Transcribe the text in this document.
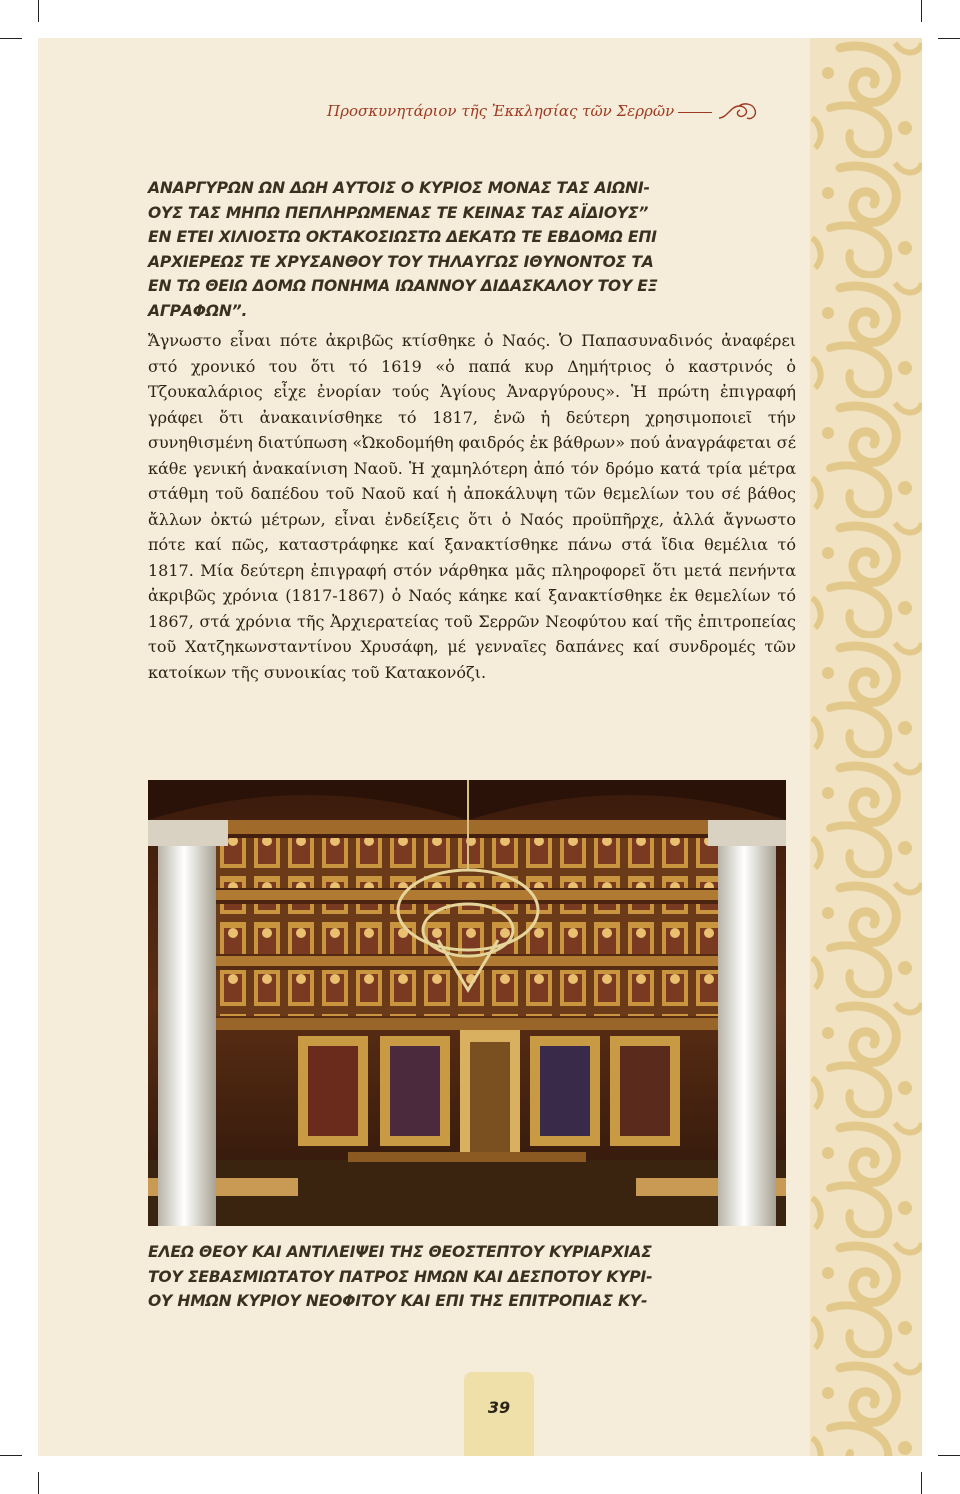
Προσκυνητάριον τῆς Ἐκκλησίας τῶν Σερρῶν
ΑΝΑΡΓΥΡΩΝ ΩΝ ΔΩΗ ΑΥΤΟΙΣ Ο ΚΥΡΙΟΣ ΜΟΝΑΣ ΤΑΣ ΑΙΩΝΙ-
ΟΥΣ ΤΑΣ ΜΗΠΩ ΠΕΠΛΗΡΩΜΕΝΑΣ ΤΕ ΚΕΙΝΑΣ ΤΑΣ ΑΪΔΙΟΥΣ”
ΕΝ ΕΤΕΙ ΧΙΛΙΟΣΤΩ ΟΚΤΑΚΟΣΙΩΣΤΩ ΔΕΚΑΤΩ ΤΕ ΕΒΔΟΜΩ ΕΠΙ
ΑΡΧΙΕΡΕΩΣ ΤΕ ΧΡΥΣΑΝΘΟΥ ΤΟΥ ΤΗΛΑΥΓΩΣ ΙΘΥΝΟΝΤΟΣ ΤΑ
ΕΝ ΤΩ ΘΕΙΩ ΔΟΜΩ ΠΟΝΗΜΑ ΙΩΑΝΝΟΥ ΔΙΔΑΣΚΑΛΟΥ ΤΟΥ ΕΞ
ΑΓΡΑΦΩΝ”.

Ἄγνωστο εἶναι πότε ἀκριβῶς κτίσθηκε ὁ Ναός. Ὁ Παπασυναδινός ἀναφέρει στό χρονικό του ὅτι τό 1619 «ὁ παπά κυρ Δημήτριος ὁ καστρινός ὁ Τζουκαλάριος εἶχε ἐνορίαν τούς Ἁγίους Ἀναργύρους». Ἡ πρώτη ἐπιγραφή γράφει ὅτι ἀνακαινίσθηκε τό 1817, ἐνῶ ἡ δεύτερη χρησιμοποιεῖ τήν συνηθισμένη διατύπωση «Ὠκοδομήθη φαιδρός ἐκ βάθρων» πού ἀναγράφεται σέ κάθε γενική ἀνακαίνιση Ναοῦ. Ἡ χαμηλότερη ἀπό τόν δρόμο κατά τρία μέτρα στάθμη τοῦ δαπέδου τοῦ Ναοῦ καί ἡ ἀποκάλυψη τῶν θεμελίων του σέ βάθος ἄλλων ὀκτώ μέτρων, εἶναι ἐνδείξεις ὅτι ὁ Ναός προϋπῆρχε, ἀλλά ἄγνωστο πότε καί πῶς, καταστράφηκε καί ξανακτίσθηκε πάνω στά ἴδια θεμέλια τό 1817. Μία δεύτερη ἐπιγραφή στόν νάρθηκα μᾶς πληροφορεῖ ὅτι μετά πενήντα ἀκριβῶς χρόνια (1817-1867) ὁ Ναός κάηκε καί ξανακτίσθηκε ἐκ θεμελίων τό 1867, στά χρόνια τῆς Ἀρχιερατείας τοῦ Σερρῶν Νεοφύτου καί τῆς ἐπιτροπείας τοῦ Χατζηκωνσταντίνου Χρυσάφη, μέ γενναῖες δαπάνες καί συνδρομές τῶν κατοίκων τῆς συνοικίας τοῦ Κατακονόζι.

ΕΛΕΩ ΘΕΟΥ ΚΑΙ ΑΝΤΙΛΕΙΨΕΙ ΤΗΣ ΘΕΟΣΤΕΠΤΟΥ ΚΥΡΙΑΡΧΙΑΣ
ΤΟΥ ΣΕΒΑΣΜΙΩΤΑΤΟΥ ΠΑΤΡΟΣ ΗΜΩΝ ΚΑΙ ΔΕΣΠΟΤΟΥ ΚΥΡΙ-
ΟΥ ΗΜΩΝ ΚΥΡΙΟΥ ΝΕΟΦΙΤΟΥ ΚΑΙ ΕΠΙ ΤΗΣ ΕΠΙΤΡΟΠΙΑΣ ΚΥ-
39
